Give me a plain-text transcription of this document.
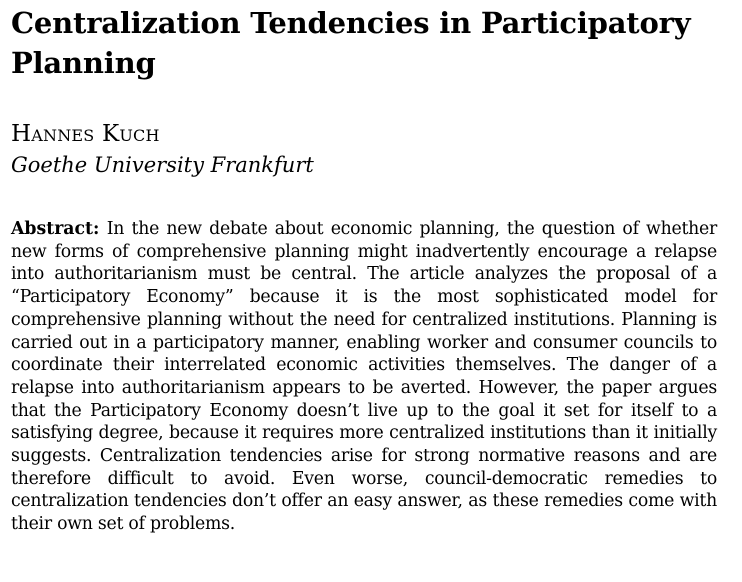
Centralization Tendencies in Participatory Planning
Hannes Kuch
Goethe University Frankfurt

Abstract: In the new debate about economic planning, the question of whether new forms of comprehensive planning might inadvertently encourage a relapse into authoritarianism must be central. The article analyzes the proposal of a “Participatory Economy” because it is the most sophisticated model for comprehensive planning without the need for centralized institutions. Planning is carried out in a participatory manner, enabling worker and consumer councils to coordinate their interrelated economic activities themselves. The danger of a relapse into authoritarianism appears to be averted. However, the paper argues that the Participatory Economy doesn’t live up to the goal it set for itself to a satisfying degree, because it requires more centralized institutions than it initially suggests. Centralization tendencies arise for strong normative reasons and are therefore difficult to avoid. Even worse, council-democratic remedies to centralization tendencies don’t offer an easy answer, as these remedies come with their own set of problems.
